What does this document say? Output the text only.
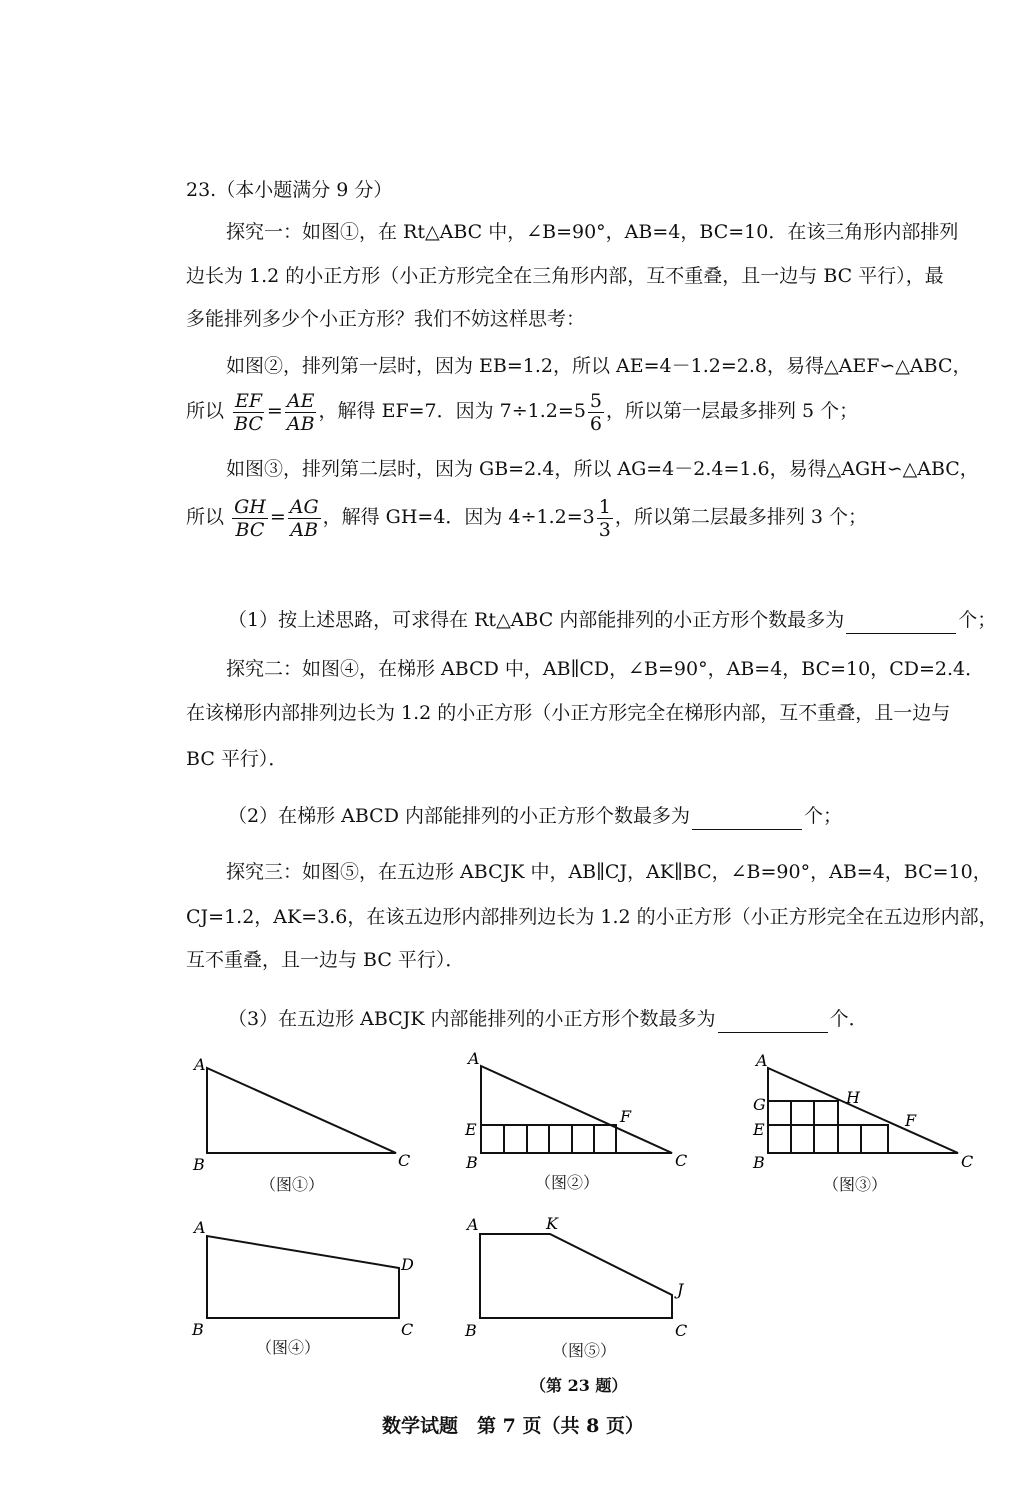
23.（本小题满分 9 分）
探究一：如图①，在 Rt△ABC 中，∠B=90°，AB=4，BC=10．在该三角形内部排列
边长为 1.2 的小正方形（小正方形完全在三角形内部，互不重叠，且一边与 BC 平行），最
多能排列多少个小正方形？我们不妨这样思考：
如图②，排列第一层时，因为 EB=1.2，所以 AE=4－1.2=2.8，易得△AEF∽△ABC，
所以 $\frac{EF}{BC} = \frac{AE}{AB}$ ，解得 EF=7．因为 $7\div 1.2=5 \frac{5}{6}$ ，所以第一层最多排列 5 个；
如图③，排列第二层时，因为 GB=2.4，所以 AG=4－2.4=1.6，易得△AGH∽△ABC，
所以 $\frac{GH}{BC} = \frac{AG}{AB}$ ，解得 GH=4．因为 $4\div 1.2=3 \frac{1}{3}$ ，所以第二层最多排列 3 个；
（1）按上述思路，可求得在 Rt△ABC 内部能排列的小正方形个数最多为	个；
探究二：如图④，在梯形 ABCD 中，AB∥CD，∠B=90°，AB=4，BC=10，CD=2.4．
在该梯形内部排列边长为 1.2 的小正方形（小正方形完全在梯形内部，互不重叠，且一边与
BC 平行）．
（2）在梯形 ABCD 内部能排列的小正方形个数最多为	个；
探究三：如图⑤，在五边形 ABCJK 中，AB∥CJ，AK∥BC，∠B=90°，AB=4，BC=10，
CJ=1.2，AK=3.6，在该五边形内部排列边长为 1.2 的小正方形（小正方形完全在五边形内部，
互不重叠，且一边与 BC 平行）．
（3）在五边形 ABCJK 内部能排列的小正方形个数最多为	个．
A
B	C
A
E
B
F
C
A
G
E
B
H
F
C
A
B	C
D
A	K
J
B	C
（图①）	（图②）	（图③）
（图④）	（图⑤）
（第 23 题）
数学试题　第 7 页（共 8 页）
